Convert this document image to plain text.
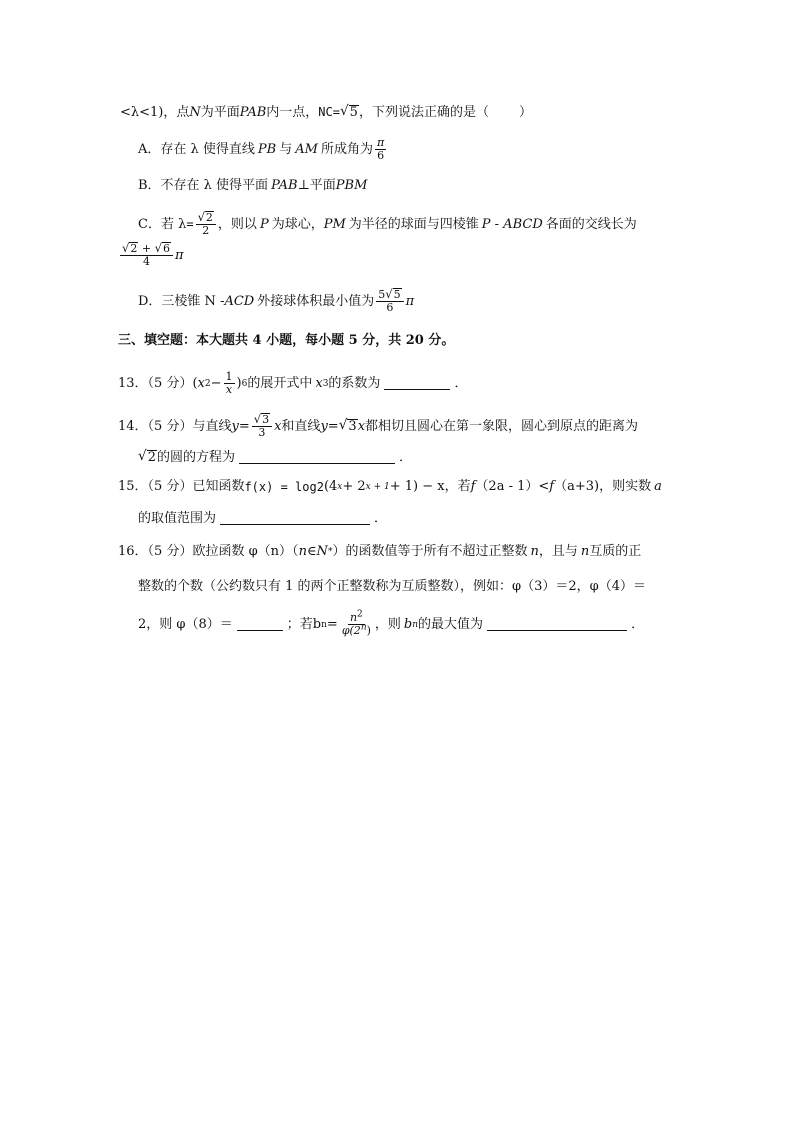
<λ<1)，点 N 为平面 PAB 内一点， NC = √ 5 ，下列说法正确的是（ ）
A．存在 λ 使得直线 PB 与 AM 所成角为 $\frac{\pi}{6}$
B．不存在 λ 使得平面 PAB ⊥平面 PBM
C．若 $\lambda = \frac{√ 2}{2}$ ，则以 P 为球心， PM 为半径的球面与四棱锥 P - ABCD 各面的交线长为
$\frac{√ 2 + √ 6}{4}$ π
D．三棱锥 N - ACD 外接球体积最小值为 $\frac{5 √ 5}{6}$ π
三、填空题：本大题共 4 小题，每小题 5 分，共 20 分。
13．（5 分） ( x $2 - \frac{1}{x}$ ) 6 的展开式中 x 3 的系数为	．
14．（5 分）与直线 $y = \frac{√ 3}{3}$ x 和直线 y = √ 3 x 都相切且圆心在第一象限，圆心到原点的距离为
√ 2 的圆的方程为	．
15．（5 分）已知函数 f(x) = log 2 (4 x + 2 x + 1 + 1) − x ，若 f （2a - 1）< f （a+3) ，则实数 a
的取值范围为	．
16．（5 分）欧拉函数 φ（n）（ n∈N * ）的函数值等于所有不超过正整数 n ，且与 n 互质的正
整数的个数（公约数只有 1 的两个正整数称为互质整数），例如：φ（3）＝2，φ（4）＝
2，则 φ（8）＝	；若b $n = \frac{n^2}{\varphi(2^n)}$ ，则 b n 的最大值为	．
